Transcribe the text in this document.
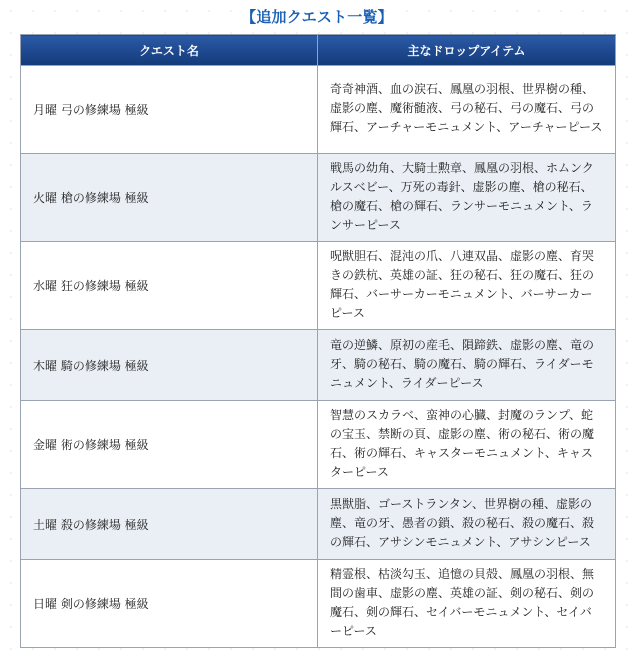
【追加クエスト一覧】
クエスト名	主なドロップアイテム
月曜 弓の修練場 極級	奇奇神酒、血の涙石、鳳凰の羽根、世界樹の種、虚影の塵、魔術髄液、弓の秘石、弓の魔石、弓の輝石、アーチャーモニュメント、アーチャーピース
火曜 槍の修練場 極級	戦馬の幼角、大騎士勲章、鳳凰の羽根、ホムンクルスベビー、万死の毒針、虚影の塵、槍の秘石、槍の魔石、槍の輝石、ランサーモニュメント、ランサーピース
水曜 狂の修練場 極級	呪獣胆石、混沌の爪、八連双晶、虚影の塵、育哭きの鉄杭、英雄の証、狂の秘石、狂の魔石、狂の輝石、バーサーカーモニュメント、バーサーカーピース
木曜 騎の修練場 極級	竜の逆鱗、原初の産毛、隕蹄鉄、虚影の塵、竜の牙、騎の秘石、騎の魔石、騎の輝石、ライダーモニュメント、ライダーピース
金曜 術の修練場 極級	智慧のスカラベ、蛮神の心臓、封魔のランプ、蛇の宝玉、禁断の頁、虚影の塵、術の秘石、術の魔石、術の輝石、キャスターモニュメント、キャスターピース
土曜 殺の修練場 極級	黒獣脂、ゴーストランタン、世界樹の種、虚影の塵、竜の牙、愚者の鎖、殺の秘石、殺の魔石、殺の輝石、アサシンモニュメント、アサシンピース
日曜 剣の修練場 極級	精霊根、枯淡勾玉、追憶の貝殻、鳳凰の羽根、無間の歯車、虚影の塵、英雄の証、剣の秘石、剣の魔石、剣の輝石、セイバーモニュメント、セイバーピース
